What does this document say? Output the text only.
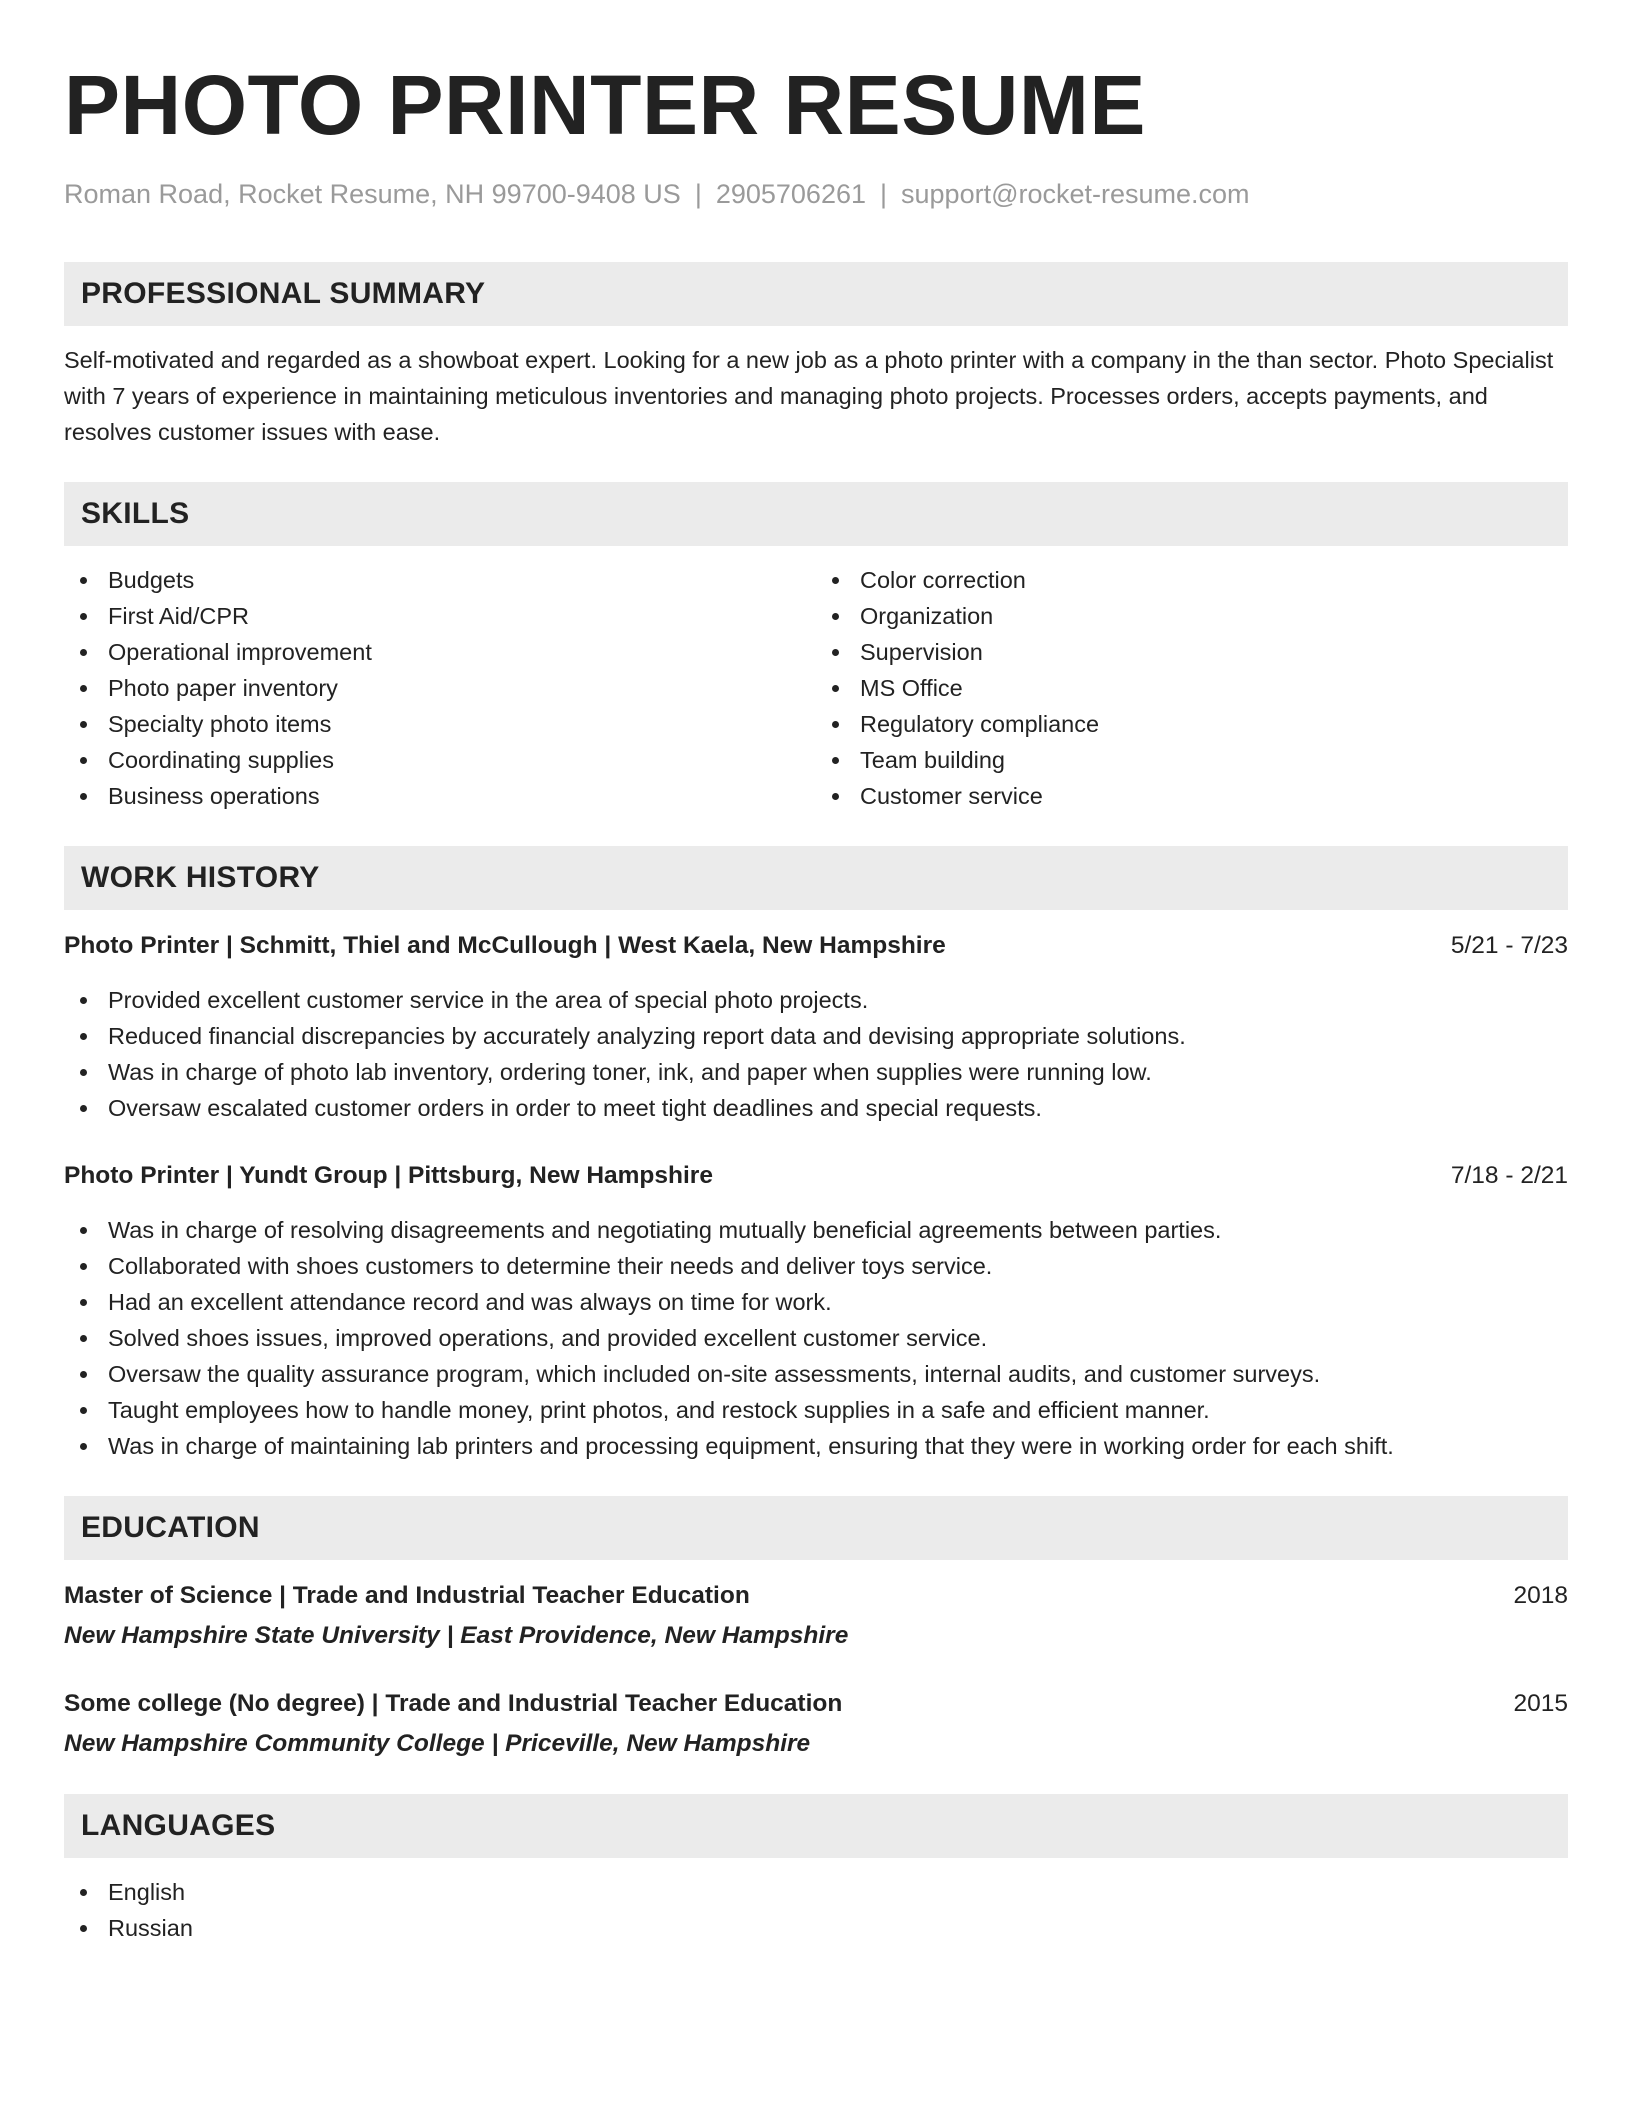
PHOTO PRINTER RESUME
Roman Road, Rocket Resume, NH 99700-9408 US | 2905706261 | support@rocket-resume.com
PROFESSIONAL SUMMARY
Self-motivated and regarded as a showboat expert. Looking for a new job as a photo printer with a company in the than sector. Photo Specialist with 7 years of experience in maintaining meticulous inventories and managing photo projects. Processes orders, accepts payments, and resolves customer issues with ease.
SKILLS
Budgets
First Aid/CPR
Operational improvement
Photo paper inventory
Specialty photo items
Coordinating supplies
Business operations
Color correction
Organization
Supervision
MS Office
Regulatory compliance
Team building
Customer service
WORK HISTORY
Photo Printer | Schmitt, Thiel and McCullough | West Kaela, New Hampshire	5/21 - 7/23
Provided excellent customer service in the area of special photo projects.
Reduced financial discrepancies by accurately analyzing report data and devising appropriate solutions.
Was in charge of photo lab inventory, ordering toner, ink, and paper when supplies were running low.
Oversaw escalated customer orders in order to meet tight deadlines and special requests.
Photo Printer | Yundt Group | Pittsburg, New Hampshire	7/18 - 2/21
Was in charge of resolving disagreements and negotiating mutually beneficial agreements between parties.
Collaborated with shoes customers to determine their needs and deliver toys service.
Had an excellent attendance record and was always on time for work.
Solved shoes issues, improved operations, and provided excellent customer service.
Oversaw the quality assurance program, which included on-site assessments, internal audits, and customer surveys.
Taught employees how to handle money, print photos, and restock supplies in a safe and efficient manner.
Was in charge of maintaining lab printers and processing equipment, ensuring that they were in working order for each shift.
EDUCATION
Master of Science | Trade and Industrial Teacher Education	2018
New Hampshire State University | East Providence, New Hampshire
Some college (No degree) | Trade and Industrial Teacher Education	2015
New Hampshire Community College | Priceville, New Hampshire
LANGUAGES
English
Russian
